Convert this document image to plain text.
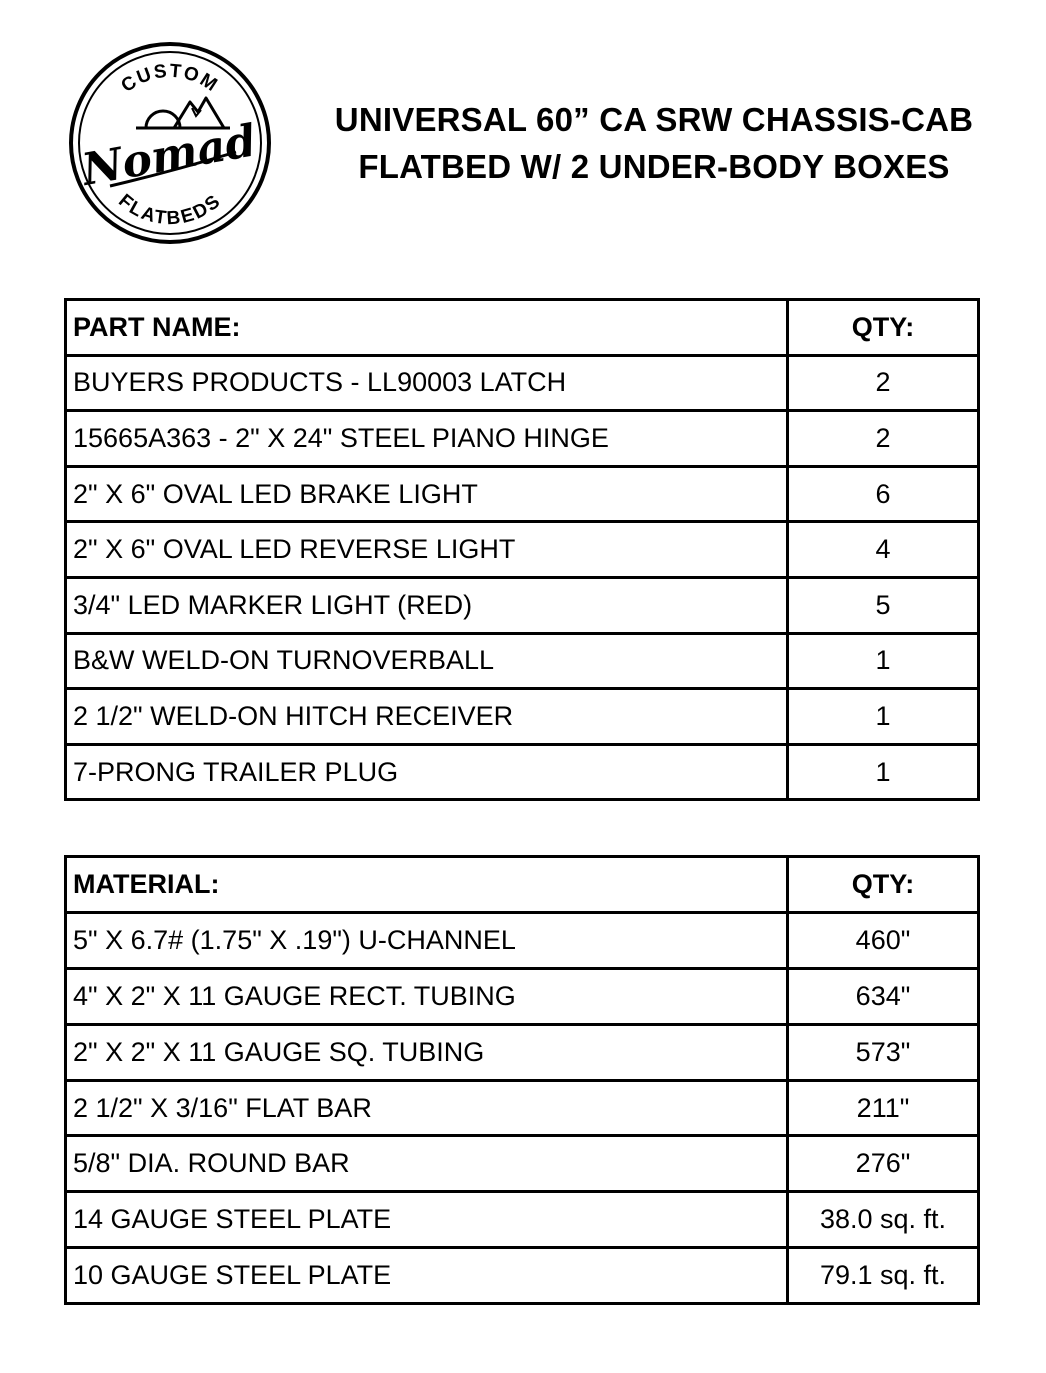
CUSTOM
FLATBEDS
Nomad	UNIVERSAL 60” CA SRW CHASSIS-CAB
FLATBED W/ 2 UNDER-BODY BOXES
PART NAME:	QTY:
BUYERS PRODUCTS - LL90003 LATCH	2
15665A363 - 2" X 24" STEEL PIANO HINGE	2
2" X 6" OVAL LED BRAKE LIGHT	6
2" X 6" OVAL LED REVERSE LIGHT	4
3/4" LED MARKER LIGHT (RED)	5
B&W WELD-ON TURNOVERBALL	1
2 1/2" WELD-ON HITCH RECEIVER	1
7-PRONG TRAILER PLUG	1
MATERIAL:	QTY:
5" X 6.7# (1.75" X .19") U-CHANNEL	460"
4" X 2" X 11 GAUGE RECT. TUBING	634"
2" X 2" X 11 GAUGE SQ. TUBING	573"
2 1/2" X 3/16" FLAT BAR	211"
5/8" DIA. ROUND BAR	276"
14 GAUGE STEEL PLATE	38.0 sq. ft.
10 GAUGE STEEL PLATE	79.1 sq. ft.
